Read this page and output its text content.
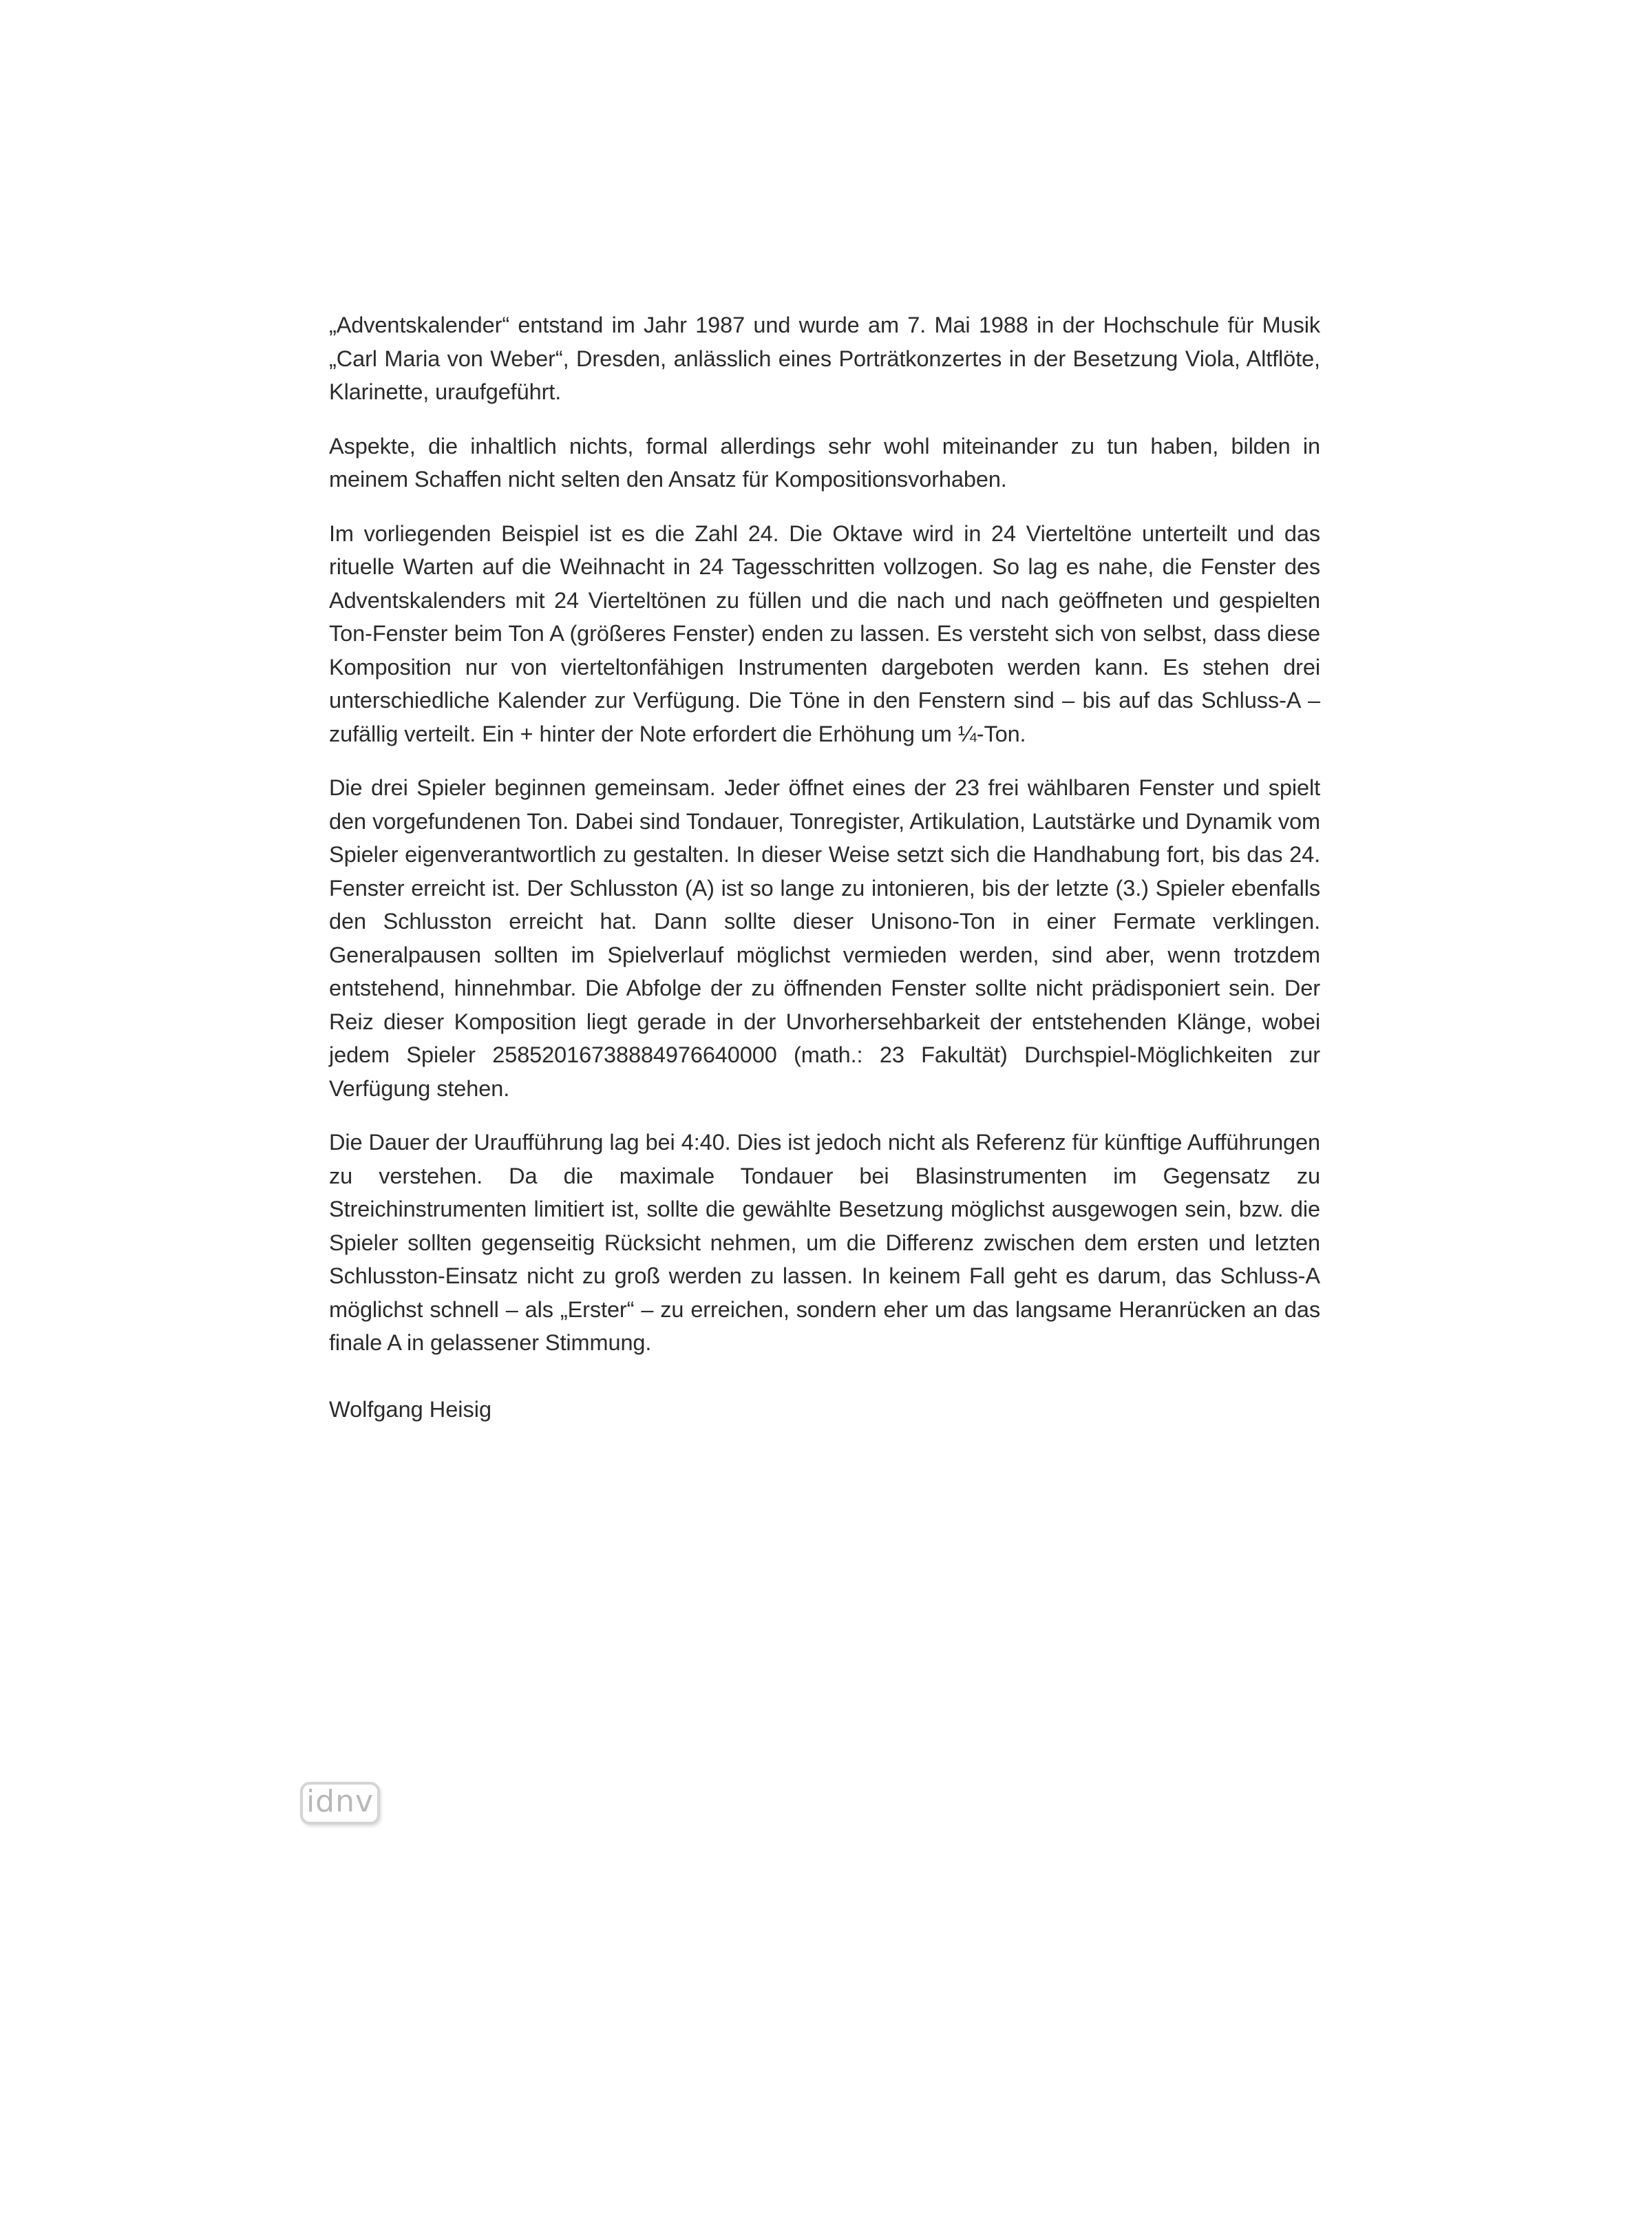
„Adventskalender“ entstand im Jahr 1987 und wurde am 7. Mai 1988 in der Hochschule für Musik „Carl Maria von Weber“, Dresden, anlässlich eines Porträtkonzertes in der Besetzung Viola, Altflöte, Klarinette, uraufgeführt.

Aspekte, die inhaltlich nichts, formal allerdings sehr wohl miteinander zu tun haben, bilden in meinem Schaffen nicht selten den Ansatz für Kompositionsvorhaben.

Im vorliegenden Beispiel ist es die Zahl 24. Die Oktave wird in 24 Vierteltöne unterteilt und das rituelle Warten auf die Weihnacht in 24 Tagesschritten vollzogen. So lag es nahe, die Fenster des Adventskalenders mit 24 Vierteltönen zu füllen und die nach und nach geöffneten und gespielten Ton-Fenster beim Ton A (größeres Fenster) enden zu lassen. Es versteht sich von selbst, dass diese Komposition nur von vierteltonfähigen Instrumenten dargeboten werden kann. Es stehen drei unterschiedliche Kalender zur Verfügung. Die Töne in den Fenstern sind – bis auf das Schluss-A – zufällig verteilt. Ein + hinter der Note erfordert die Erhöhung um ¼-Ton.

Die drei Spieler beginnen gemeinsam. Jeder öffnet eines der 23 frei wählbaren Fenster und spielt den vorgefundenen Ton. Dabei sind Tondauer, Tonregister, Artikulation, Lautstärke und Dynamik vom Spieler eigenverantwortlich zu gestalten. In dieser Weise setzt sich die Handhabung fort, bis das 24. Fenster erreicht ist. Der Schlusston (A) ist so lange zu intonieren, bis der letzte (3.) Spieler ebenfalls den Schlusston erreicht hat. Dann sollte dieser Unisono-Ton in einer Fermate verklingen. Generalpausen sollten im Spielverlauf möglichst vermieden werden, sind aber, wenn trotzdem entstehend, hinnehmbar. Die Abfolge der zu öffnenden Fenster sollte nicht prädisponiert sein. Der Reiz dieser Komposition liegt gerade in der Unvorhersehbarkeit der entstehenden Klänge, wobei jedem Spieler 25852016738884976640000 (math.: 23 Fakultät) Durchspiel-Möglichkeiten zur Verfügung stehen.

Die Dauer der Uraufführung lag bei 4:40. Dies ist jedoch nicht als Referenz für künftige Aufführungen zu verstehen. Da die maximale Tondauer bei Blasinstrumenten im Gegensatz zu Streichinstrumenten limitiert ist, sollte die gewählte Besetzung möglichst ausgewogen sein, bzw. die Spieler sollten gegenseitig Rücksicht nehmen, um die Differenz zwischen dem ersten und letzten Schlusston-Einsatz nicht zu groß werden zu lassen. In keinem Fall geht es darum, das Schluss-A möglichst schnell – als „Erster“ – zu erreichen, sondern eher um das langsame Heranrücken an das finale A in gelassener Stimmung.

Wolfgang Heisig

idnv
